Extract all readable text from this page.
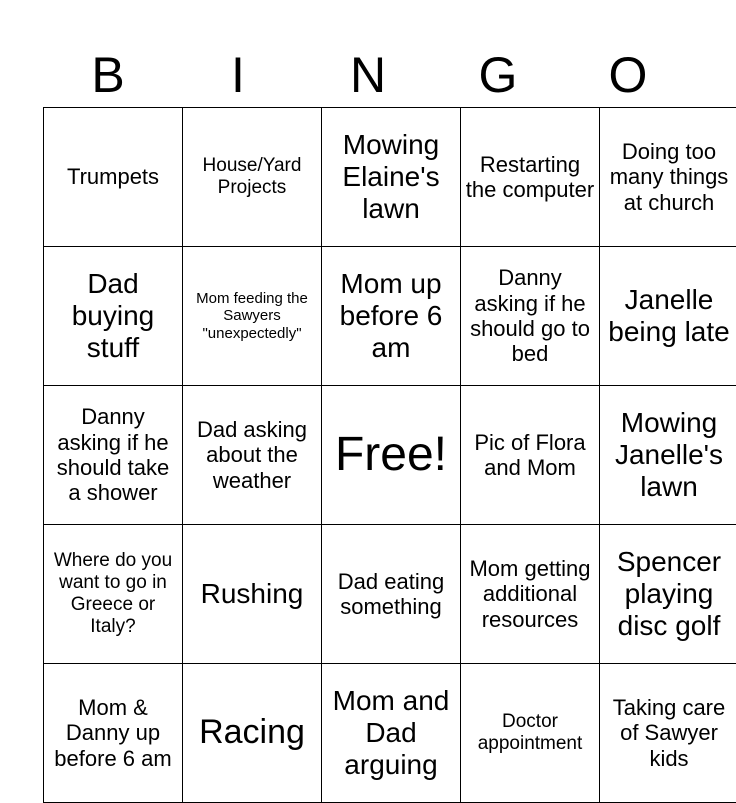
B	I	N	G	O
Trumpets	House/Yard Projects	Mowing Elaine's lawn	Restarting the computer	Doing too many things at church
Dad buying stuff	Mom feeding the Sawyers "unexpectedly"	Mom up before 6 am	Danny asking if he should go to bed	Janelle being late
Danny asking if he should take a shower	Dad asking about the weather	Free!	Pic of Flora and Mom	Mowing Janelle's lawn
Where do you want to go in Greece or Italy?	Rushing	Dad eating something	Mom getting additional resources	Spencer playing disc golf
Mom & Danny up before 6 am	Racing	Mom and Dad arguing	Doctor appointment	Taking care of Sawyer kids
